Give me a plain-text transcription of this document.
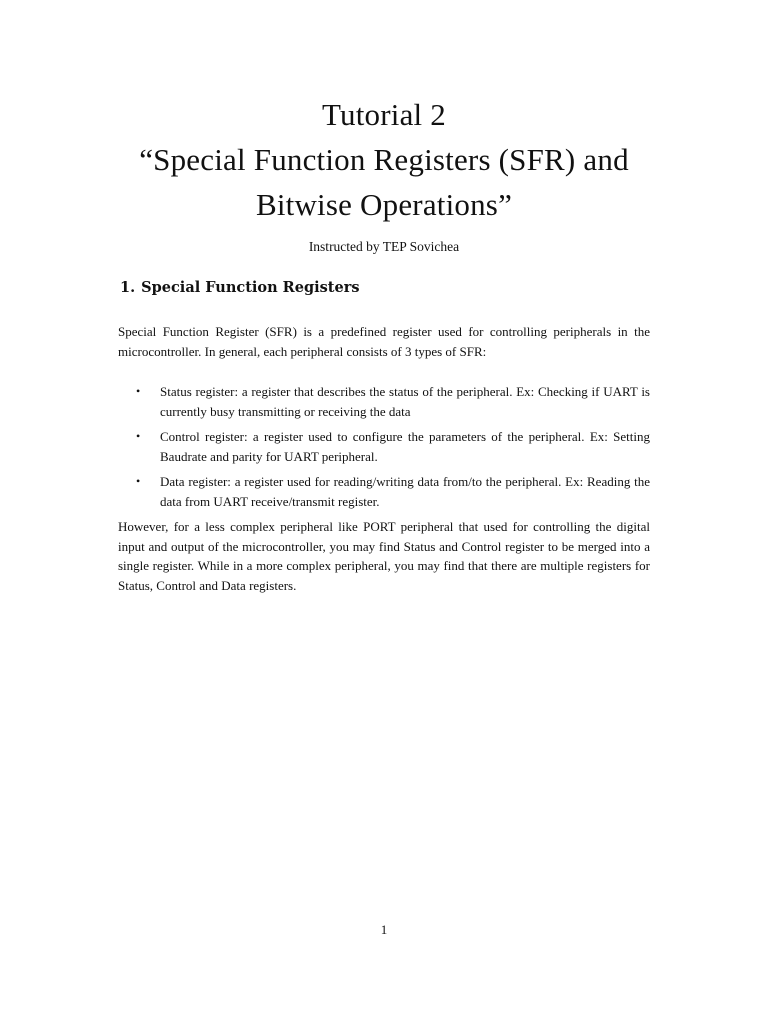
Tutorial 2
“Special Function Registers (SFR) and
Bitwise Operations”
Instructed by TEP Sovichea
1. Special Function Registers

Special Function Register (SFR) is a predefined register used for controlling peripherals in the microcontroller. In general, each peripheral consists of 3 types of SFR:

• Status register: a register that describes the status of the peripheral. Ex: Checking if UART is currently busy transmitting or receiving the data
• Control register: a register used to configure the parameters of the peripheral. Ex: Setting Baudrate and parity for UART peripheral.
• Data register: a register used for reading/writing data from/to the peripheral. Ex: Reading the data from UART receive/transmit register.

However, for a less complex peripheral like PORT peripheral that used for controlling the digital input and output of the microcontroller, you may find Status and Control register to be merged into a single register. While in a more complex peripheral, you may find that there are multiple registers for Status, Control and Data registers.

1
